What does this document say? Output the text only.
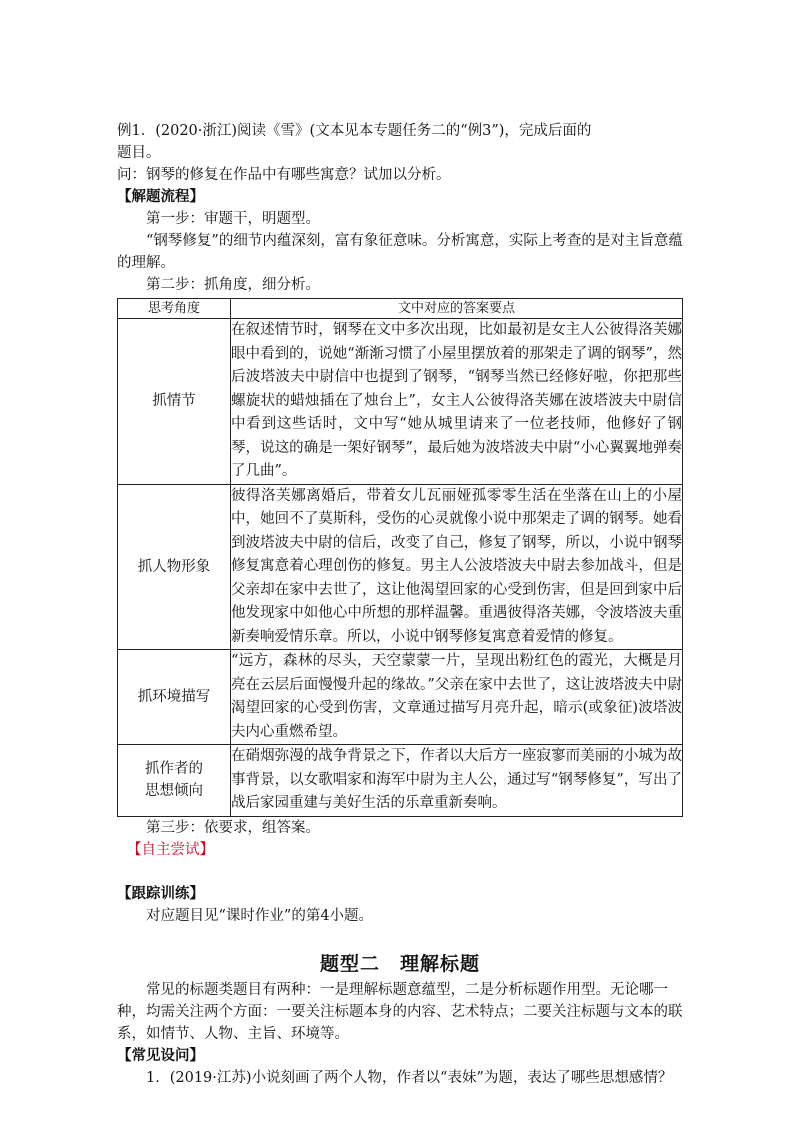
例1．(2020·浙江)阅读《雪》(文本见本专题任务二的“例3”)，完成后面的

题目。

问：钢琴的修复在作品中有哪些寓意？试加以分析。

【解题流程】

第一步：审题干，明题型。

“钢琴修复”的细节内蕴深刻，富有象征意味。分析寓意，实际上考查的是对主旨意蕴的理解。

第二步：抓角度，细分析。

思考角度	文中对应的答案要点
抓情节	在叙述情节时，钢琴在文中多次出现，比如最初是女主人公彼得洛芙娜眼中看到的，说她“渐渐习惯了小屋里摆放着的那架走了调的钢琴”，然后波塔波夫中尉信中也提到了钢琴，“钢琴当然已经修好啦，你把那些螺旋状的蜡烛插在了烛台上”，女主人公彼得洛芙娜在波塔波夫中尉信中看到这些话时，文中写“她从城里请来了一位老技师，他修好了钢琴，说这的确是一架好钢琴”，最后她为波塔波夫中尉“小心翼翼地弹奏了几曲”。
抓人物形象	彼得洛芙娜离婚后，带着女儿瓦丽娅孤零零生活在坐落在山上的小屋中，她回不了莫斯科，受伤的心灵就像小说中那架走了调的钢琴。她看到波塔波夫中尉的信后，改变了自己，修复了钢琴，所以，小说中钢琴修复寓意着心理创伤的修复。男主人公波塔波夫中尉去参加战斗，但是父亲却在家中去世了，这让他渴望回家的心受到伤害，但是回到家中后他发现家中如他心中所想的那样温馨。重遇彼得洛芙娜，令波塔波夫重新奏响爱情乐章。所以，小说中钢琴修复寓意着爱情的修复。
抓环境描写	“远方，森林的尽头，天空蒙蒙一片，呈现出粉红色的霞光，大概是月亮在云层后面慢慢升起的缘故。”父亲在家中去世了，这让波塔波夫中尉渴望回家的心受到伤害，文章通过描写月亮升起，暗示(或象征)波塔波夫内心重燃希望。
抓作者的
思想倾向	在硝烟弥漫的战争背景之下，作者以大后方一座寂寥而美丽的小城为故事背景，以女歌唱家和海军中尉为主人公，通过写“钢琴修复”，写出了战后家园重建与美好生活的乐章重新奏响。

第三步：依要求，组答案。

【自主尝试】

【跟踪训练】

对应题目见“课时作业”的第4小题。

题型二　理解标题

常见的标题类题目有两种：一是理解标题意蕴型，二是分析标题作用型。无论哪一种，均需关注两个方面：一要关注标题本身的内容、艺术特点；二要关注标题与文本的联系，如情节、人物、主旨、环境等。

【常见设问】

1．(2019·江苏)小说刻画了两个人物，作者以“表妹”为题，表达了哪些思想感情？
